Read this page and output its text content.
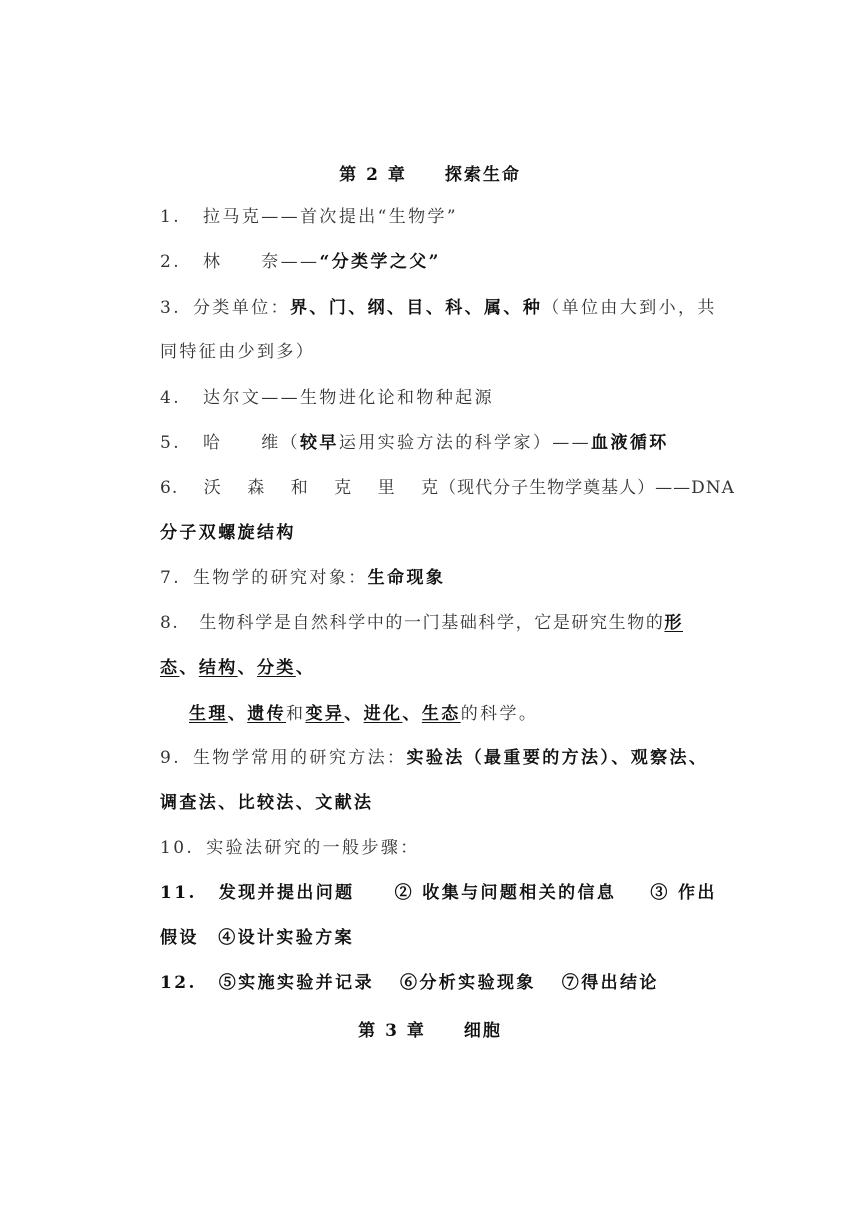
第 2 章　　探索生命
1. 拉马克——首次提出“生物学”
2. 林　　奈——“分类学之父”
3. 分类单位：界、门、纲、目、科、属、种（单位由大到小，共
同特征由少到多）
4. 达尔文——生物进化论和物种起源
5. 哈　　维（较早运用实验方法的科学家）——血液循环
6. 沃 森 和 克 里 克（现代分子生物学奠基人）——DNA
分子双螺旋结构
7. 生物学的研究对象：生命现象
8. 生物科学是自然科学中的一门基础科学，它是研究生物的形
态、结构、分类、
生理、遗传和变异、进化、生态的科学。
9. 生物学常用的研究方法：实验法（最重要的方法）、观察法、
调查法、比较法、文献法
10. 实验法研究的一般步骤：
11. 发现并提出问题 ② 收集与问题相关的信息 ③ 作出
假设　④设计实验方案
12. ⑤实施实验并记录 ⑥分析实验现象 ⑦得出结论
第 3 章　　细胞
